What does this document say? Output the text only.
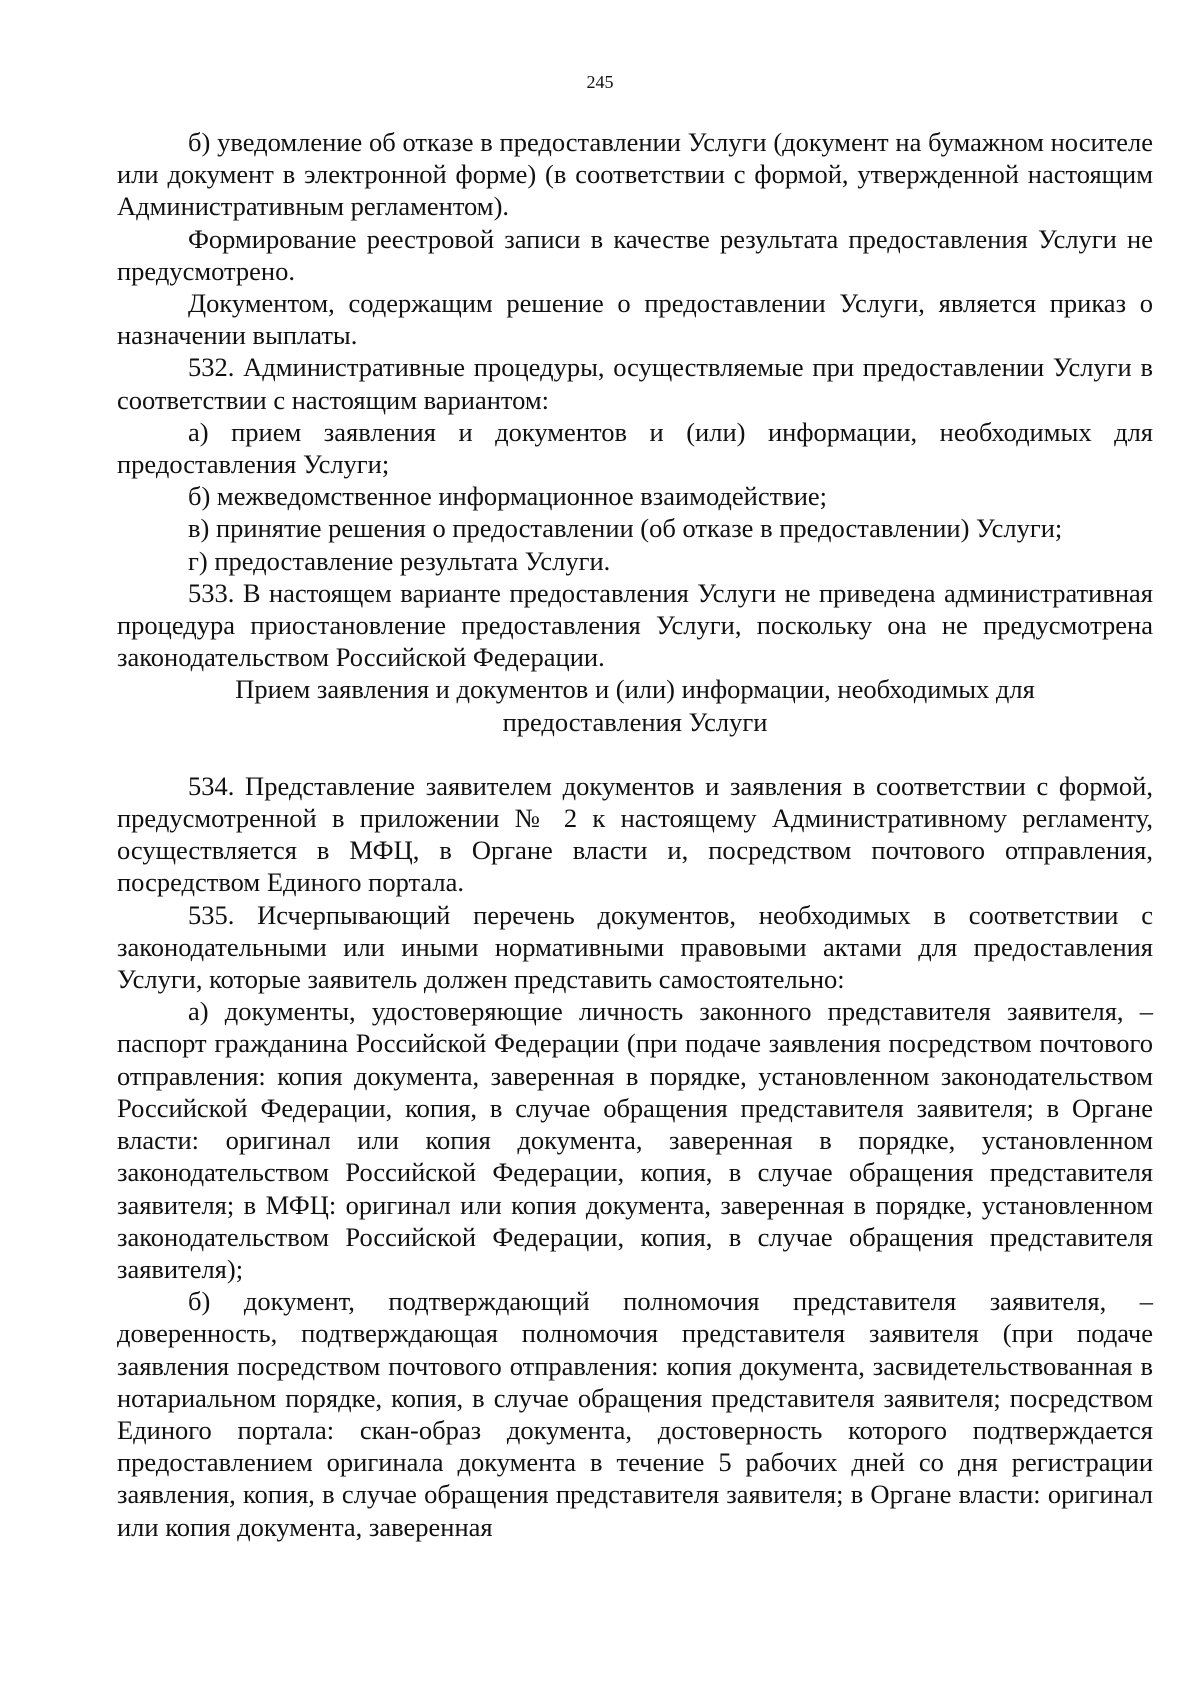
245

б) уведомление об отказе в предоставлении Услуги (документ на бумажном носителе или документ в электронной форме) (в соответствии с формой, утвержденной настоящим Административным регламентом).

Формирование реестровой записи в качестве результата предоставления Услуги не предусмотрено.

Документом, содержащим решение о предоставлении Услуги, является приказ о назначении выплаты.

532. Административные процедуры, осуществляемые при предоставлении Услуги в соответствии с настоящим вариантом:

а) прием заявления и документов и (или) информации, необходимых для предоставления Услуги;

б) межведомственное информационное взаимодействие;

в) принятие решения о предоставлении (об отказе в предоставлении) Услуги;

г) предоставление результата Услуги.

533. В настоящем варианте предоставления Услуги не приведена административная процедура приостановление предоставления Услуги, поскольку она не предусмотрена законодательством Российской Федерации.

Прием заявления и документов и (или) информации, необходимых для

предоставления Услуги

534. Представление заявителем документов и заявления в соответствии с формой, предусмотренной в приложении № 2 к настоящему Административному регламенту, осуществляется в МФЦ, в Органе власти и, посредством почтового отправления, посредством Единого портала.

535. Исчерпывающий перечень документов, необходимых в соответствии с законодательными или иными нормативными правовыми актами для предоставления Услуги, которые заявитель должен представить самостоятельно:

а) документы, удостоверяющие личность законного представителя заявителя, – паспорт гражданина Российской Федерации (при подаче заявления посредством почтового отправления: копия документа, заверенная в порядке, установленном законодательством Российской Федерации, копия, в случае обращения представителя заявителя; в Органе власти: оригинал или копия документа, заверенная в порядке, установленном законодательством Российской Федерации, копия, в случае обращения представителя заявителя; в МФЦ: оригинал или копия документа, заверенная в порядке, установленном законодательством Российской Федерации, копия, в случае обращения представителя заявителя);

б) документ, подтверждающий полномочия представителя заявителя, – доверенность, подтверждающая полномочия представителя заявителя (при подаче заявления посредством почтового отправления: копия документа, засвидетельствованная в нотариальном порядке, копия, в случае обращения представителя заявителя; посредством Единого портала: скан-образ документа, достоверность которого подтверждается предоставлением оригинала документа в течение 5 рабочих дней со дня регистрации заявления, копия, в случае обращения представителя заявителя; в Органе власти: оригинал или копия документа, заверенная
